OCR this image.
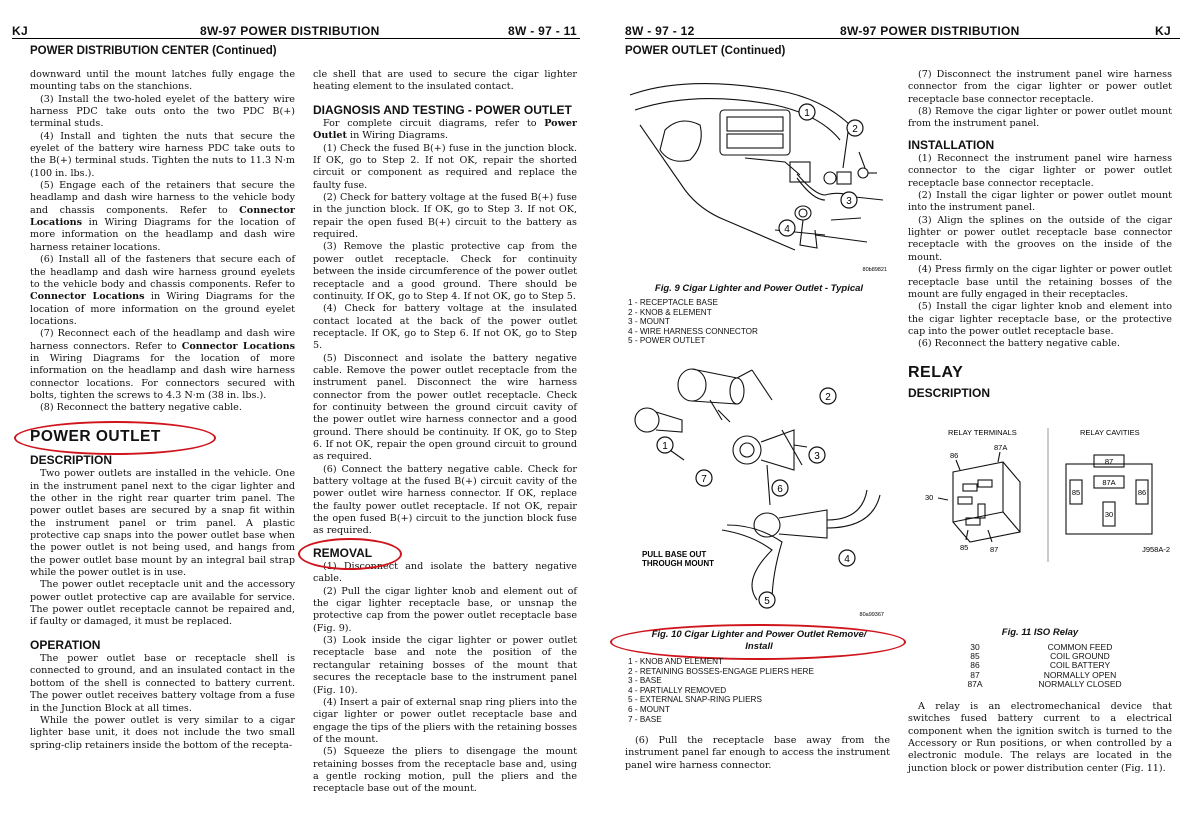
KJ	8W-97 POWER DISTRIBUTION	8W - 97 - 11
POWER DISTRIBUTION CENTER (Continued)

downward until the mount latches fully engage the mounting tabs on the stanchions.

(3) Install the two-holed eyelet of the battery wire harness PDC take outs onto the two PDC B(+) terminal studs.

(4) Install and tighten the nuts that secure the eyelet of the battery wire harness PDC take outs to the B(+) terminal studs. Tighten the nuts to 11.3 N·m (100 in. lbs.).

(5) Engage each of the retainers that secure the headlamp and dash wire harness to the vehicle body and chassis components. Refer to Connector Locations in Wiring Diagrams for the location of more information on the headlamp and dash wire harness retainer locations.

(6) Install all of the fasteners that secure each of the headlamp and dash wire harness ground eyelets to the vehicle body and chassis components. Refer to Connector Locations in Wiring Diagrams for the location of more information on the ground eyelet locations.

(7) Reconnect each of the headlamp and dash wire harness connectors. Refer to Connector Locations in Wiring Diagrams for the location of more information on the headlamp and dash wire harness connector locations. For connectors secured with bolts, tighten the screws to 4.3 N·m (38 in. lbs.).

(8) Reconnect the battery negative cable.

POWER OUTLET
DESCRIPTION

Two power outlets are installed in the vehicle. One in the instrument panel next to the cigar lighter and the other in the right rear quarter trim panel. The power outlet bases are secured by a snap fit within the instrument panel or trim panel. A plastic protective cap snaps into the power outlet base when the power outlet is not being used, and hangs from the power outlet base mount by an integral bail strap while the power outlet is in use.

The power outlet receptacle unit and the accessory power outlet protective cap are available for service. The power outlet receptacle cannot be repaired and, if faulty or damaged, it must be replaced.

OPERATION

The power outlet base or receptacle shell is connected to ground, and an insulated contact in the bottom of the shell is connected to battery current. The power outlet receives battery voltage from a fuse in the Junction Block at all times.

While the power outlet is very similar to a cigar lighter base unit, it does not include the two small spring-clip retainers inside the bottom of the recepta-

cle shell that are used to secure the cigar lighter heating element to the insulated contact.

DIAGNOSIS AND TESTING - POWER OUTLET

For complete circuit diagrams, refer to Power Outlet in Wiring Diagrams.

(1) Check the fused B(+) fuse in the junction block. If OK, go to Step 2. If not OK, repair the shorted circuit or component as required and replace the faulty fuse.

(2) Check for battery voltage at the fused B(+) fuse in the junction block. If OK, go to Step 3. If not OK, repair the open fused B(+) circuit to the battery as required.

(3) Remove the plastic protective cap from the power outlet receptacle. Check for continuity between the inside circumference of the power outlet receptacle and a good ground. There should be continuity. If OK, go to Step 4. If not OK, go to Step 5.

(4) Check for battery voltage at the insulated contact located at the back of the power outlet receptacle. If OK, go to Step 6. If not OK, go to Step 5.

(5) Disconnect and isolate the battery negative cable. Remove the power outlet receptacle from the instrument panel. Disconnect the wire harness connector from the power outlet receptacle. Check for continuity between the ground circuit cavity of the power outlet wire harness connector and a good ground. There should be continuity. If OK, go to Step 6. If not OK, repair the open ground circuit to ground as required.

(6) Connect the battery negative cable. Check for battery voltage at the fused B(+) circuit cavity of the power outlet wire harness connector. If OK, replace the faulty power outlet receptacle. If not OK, repair the open fused B(+) circuit to the junction block fuse as required.

REMOVAL

(1) Disconnect and isolate the battery negative cable.

(2) Pull the cigar lighter knob and element out of the cigar lighter receptacle base, or unsnap the protective cap from the power outlet receptacle base (Fig. 9).

(3) Look inside the cigar lighter or power outlet receptacle base and note the position of the rectangular retaining bosses of the mount that secures the receptacle base to the instrument panel (Fig. 10).

(4) Insert a pair of external snap ring pliers into the cigar lighter or power outlet receptacle base and engage the tips of the pliers with the retaining bosses of the mount.

(5) Squeeze the pliers to disengage the mount retaining bosses from the receptacle base and, using a gentle rocking motion, pull the pliers and the receptacle base out of the mount.

8W - 97 - 12	8W-97 POWER DISTRIBUTION	KJ
POWER OUTLET (Continued)
1
2
3
4
80b89821
Fig. 9 Cigar Lighter and Power Outlet - Typical
1 - RECEPTACLE BASE
2 - KNOB & ELEMENT
3 - MOUNT
4 - WIRE HARNESS CONNECTOR
5 - POWER OUTLET
1
2
3
4
5
6
7
PULL BASE OUT
THROUGH MOUNT
80a99367
Fig. 10 Cigar Lighter and Power Outlet Remove/
Install
1 - KNOB AND ELEMENT
2 - RETAINING BOSSES-ENGAGE PLIERS HERE
3 - BASE
4 - PARTIALLY REMOVED
5 - EXTERNAL SNAP-RING PLIERS
6 - MOUNT
7 - BASE

(6) Pull the receptacle base away from the instrument panel far enough to access the instrument panel wire harness connector.

(7) Disconnect the instrument panel wire harness connector from the cigar lighter or power outlet receptacle base connector receptacle.

(8) Remove the cigar lighter or power outlet mount from the instrument panel.

INSTALLATION

(1) Reconnect the instrument panel wire harness connector to the cigar lighter or power outlet receptacle base connector receptacle.

(2) Install the cigar lighter or power outlet mount into the instrument panel.

(3) Align the splines on the outside of the cigar lighter or power outlet receptacle base connector receptacle with the grooves on the inside of the mount.

(4) Press firmly on the cigar lighter or power outlet receptacle base until the retaining bosses of the mount are fully engaged in their receptacles.

(5) Install the cigar lighter knob and element into the cigar lighter receptacle base, or the protective cap into the power outlet receptacle base.

(6) Reconnect the battery negative cable.

RELAY
DESCRIPTION
RELAY TERMINALS	RELAY CAVITIES
86
87A
30
85	87
87
85
87A
86
30
J958A-2
Fig. 11 ISO Relay
30	COMMON FEED
85	COIL GROUND
86	COIL BATTERY
87	NORMALLY OPEN
87A	NORMALLY CLOSED

A relay is an electromechanical device that switches fused battery current to a electrical component when the ignition switch is turned to the Accessory or Run positions, or when controlled by a electronic module. The relays are located in the junction block or power distribution center (Fig. 11).
